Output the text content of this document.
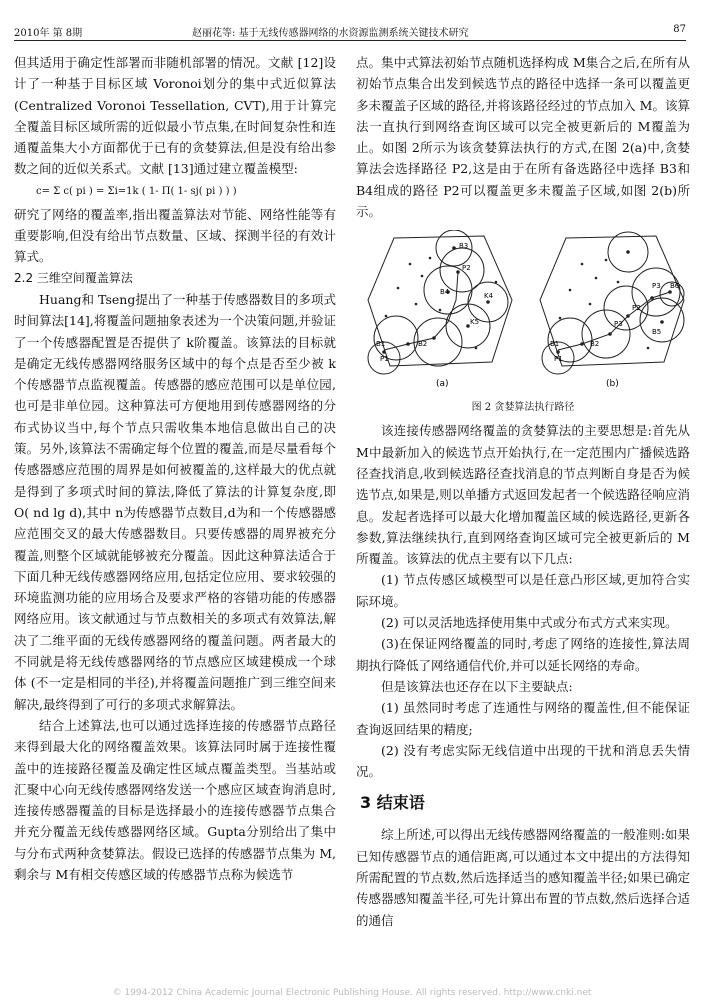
2010年 第 8期	赵丽花等: 基于无线传感器网络的水资源监测系统关键技术研究	87

但其适用于确定性部署而非随机部署的情况。文献 [12]设计了一种基于目标区域 Voronoi划分的集中式近似算法 (Centralized Voronoi Tessellation, CVT),用于计算完全覆盖目标区域所需的近似最小节点集,在时间复杂性和连通覆盖集大小方面都优于已有的贪婪算法,但是没有给出参数之间的近似关系式。文献 [13]通过建立覆盖模型:

c= Σ c( pi ) = Σi=1k ( 1- Π( 1- sj( pi ) ) )

研究了网络的覆盖率,指出覆盖算法对节能、网络性能等有重要影响,但没有给出节点数量、区域、探测半径的有效计算式。

2.2 三维空间覆盖算法

Huang和 Tseng提出了一种基于传感器数目的多项式时间算法[14],将覆盖问题抽象表述为一个决策问题,并验证了一个传感器配置是否提供了 k阶覆盖。该算法的目标就是确定无线传感器网络服务区域中的每个点是否至少被 k个传感器节点监视覆盖。传感器的感应范围可以是单位园,也可是非单位园。这种算法可方便地用到传感器网络的分布式协议当中,每个节点只需收集本地信息做出自己的决策。另外,该算法不需确定每个位置的覆盖,而是尽量看每个传感器感应范围的周界是如何被覆盖的,这样最大的优点就是得到了多项式时间的算法,降低了算法的计算复杂度,即 O( nd lg d),其中 n为传感器节点数目,d为和一个传感器感应范围交叉的最大传感器数目。只要传感器的周界被充分覆盖,则整个区域就能够被充分覆盖。因此这种算法适合于下面几种无线传感器网络应用,包括定位应用、要求较强的环境监测功能的应用场合及要求严格的容错功能的传感器网络应用。该文献通过与节点数相关的多项式有效算法,解决了二维平面的无线传感器网络的覆盖问题。两者最大的不同就是将无线传感器网络的节点感应区域建模成一个球体 (不一定是相同的半径),并将覆盖问题推广到三维空间来解决,最终得到了可行的多项式求解算法。

结合上述算法,也可以通过选择连接的传感器节点路径来得到最大化的网络覆盖效果。该算法同时属于连接性覆盖中的连接路径覆盖及确定性区域点覆盖类型。当基站或汇聚中心向无线传感器网络发送一个感应区域查询消息时,连接传感器覆盖的目标是选择最小的连接传感器节点集合并充分覆盖无线传感器网络区域。Gupta分别给出了集中与分布式两种贪婪算法。假设已选择的传感器节点集为 M,剩余与 M有相交传感区域的传感器节点称为候选节

点。集中式算法初始节点随机选择构成 M集合之后,在所有从初始节点集合出发到候选节点的路径中选择一条可以覆盖更多未覆盖子区域的路径,并将该路径经过的节点加入 M。该算法一直执行到网络查询区域可以完全被更新后的 M覆盖为止。如图 2所示为该贪婪算法执行的方式,在图 2(a)中,贪婪算法会选择路径 P2,这是由于在所有备选路径中选择 B3和 B4组成的路径 P2可以覆盖更多未覆盖子区域,如图 2(b)所示。

B3
P2
B4	K4
K5
B1
P1
B2
(a)
P3 B6
P2
P3
B5
B1
P1
B2
(b)

图 2 贪婪算法执行路径

该连接传感器网络覆盖的贪婪算法的主要思想是:首先从 M中最新加入的候选节点开始执行,在一定范围内广播候选路径查找消息,收到候选路径查找消息的节点判断自身是否为候选节点,如果是,则以单播方式返回发起者一个候选路径响应消息。发起者选择可以最大化增加覆盖区域的候选路径,更新各参数,算法继续执行,直到网络查询区域可完全被更新后的 M所覆盖。该算法的优点主要有以下几点:

(1) 节点传感区域模型可以是任意凸形区域,更加符合实际环境。

(2) 可以灵活地选择使用集中式或分布式方式来实现。

(3)在保证网络覆盖的同时,考虑了网络的连接性,算法周期执行降低了网络通信代价,并可以延长网络的寿命。

但是该算法也还存在以下主要缺点:

(1) 虽然同时考虑了连通性与网络的覆盖性,但不能保证查询返回结果的精度;

(2) 没有考虑实际无线信道中出现的干扰和消息丢失情况。

3 结束语

综上所述,可以得出无线传感器网络覆盖的一般准则:如果已知传感器节点的通信距离,可以通过本文中提出的方法得知所需配置的节点数,然后选择适当的感知覆盖半径;如果已确定传感器感知覆盖半径,可先计算出布置的节点数,然后选择合适的通信

© 1994-2012 China Academic Journal Electronic Publishing House. All rights reserved. http://www.cnki.net
